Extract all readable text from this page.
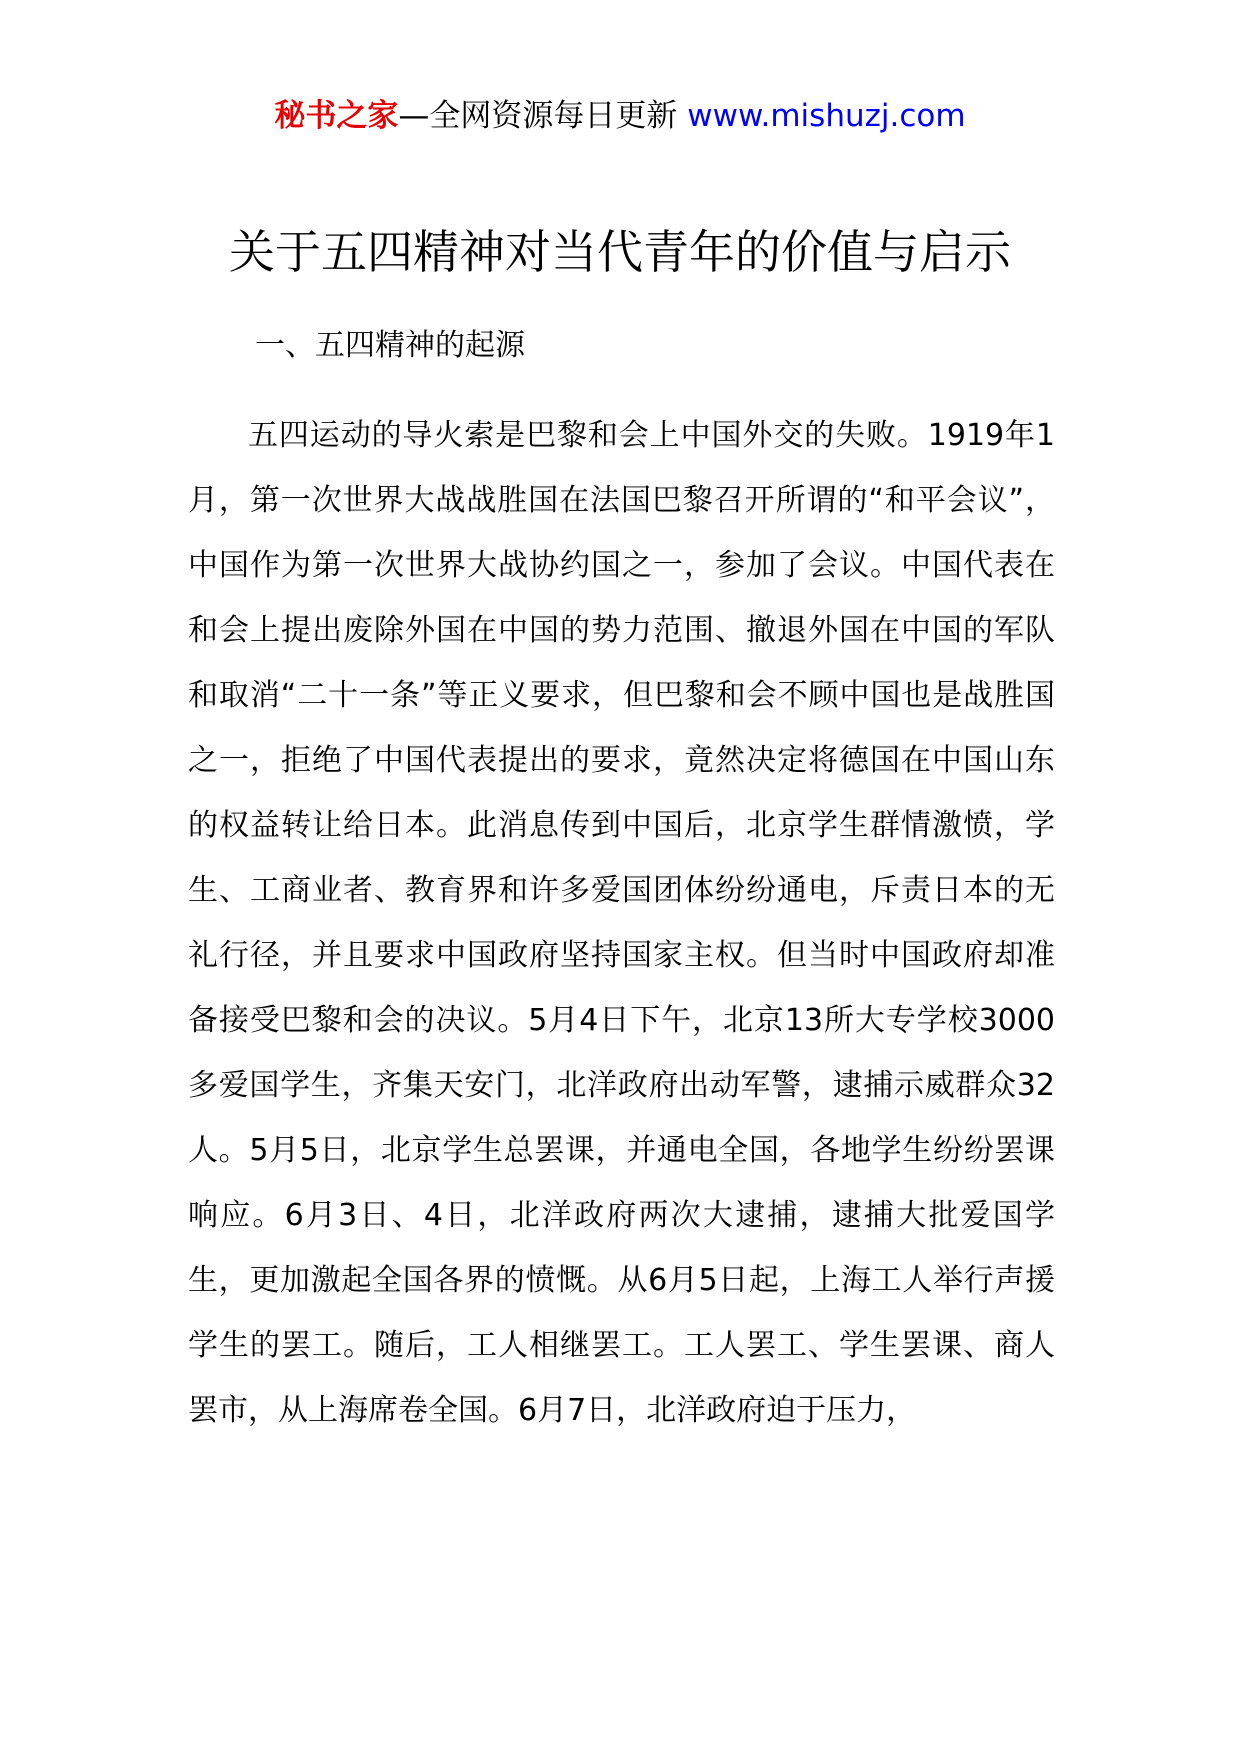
秘书之家—全网资源每日更新 www.mishuzj.com
关于五四精神对当代青年的价值与启示
一、五四精神的起源

五四运动的导火索是巴黎和会上中国外交的失败。1919年1月，第一次世界大战战胜国在法国巴黎召开所谓的“和平会议”，中国作为第一次世界大战协约国之一，参加了会议。中国代表在和会上提出废除外国在中国的势力范围、撤退外国在中国的军队和取消“二十一条”等正义要求，但巴黎和会不顾中国也是战胜国之一，拒绝了中国代表提出的要求，竟然决定将德国在中国山东的权益转让给日本。此消息传到中国后，北京学生群情激愤，学生、工商业者、教育界和许多爱国团体纷纷通电，斥责日本的无礼行径，并且要求中国政府坚持国家主权。但当时中国政府却准备接受巴黎和会的决议。5月4日下午，北京13所大专学校3000多爱国学生，齐集天安门，北洋政府出动军警，逮捕示威群众32人。5月5日，北京学生总罢课，并通电全国，各地学生纷纷罢课响应。6月3日、4日，北洋政府两次大逮捕，逮捕大批爱国学生，更加激起全国各界的愤慨。从6月5日起，上海工人举行声援学生的罢工。随后，工人相继罢工。工人罢工、学生罢课、商人罢市，从上海席卷全国。6月7日，北洋政府迫于压力，
